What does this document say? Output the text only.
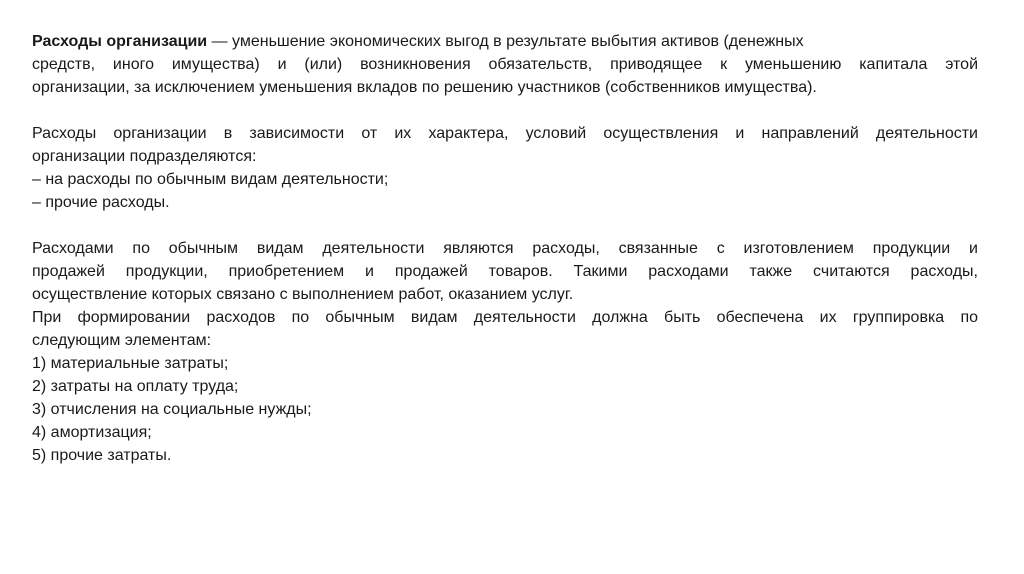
Расходы организации — уменьшение экономических выгод в результате выбытия активов (денежных
средств, иного имущества) и (или) возникновения обязательств, приводящее к уменьшению капитала этой
организации, за исключением уменьшения вкладов по решению участников (собственников имущества).
Расходы организации в зависимости от их характера, условий осуществления и направлений деятельности
организации подразделяются:
– на расходы по обычным видам деятельности;
– прочие расходы.
Расходами по обычным видам деятельности являются расходы, связанные с изготовлением продукции и
продажей продукции, приобретением и продажей товаров. Такими расходами также считаются расходы,
осуществление которых связано с выполнением работ, оказанием услуг.
При формировании расходов по обычным видам деятельности должна быть обеспечена их группировка по
следующим элементам:
1) материальные затраты;
2) затраты на оплату труда;
3) отчисления на социальные нужды;
4) амортизация;
5) прочие затраты.
